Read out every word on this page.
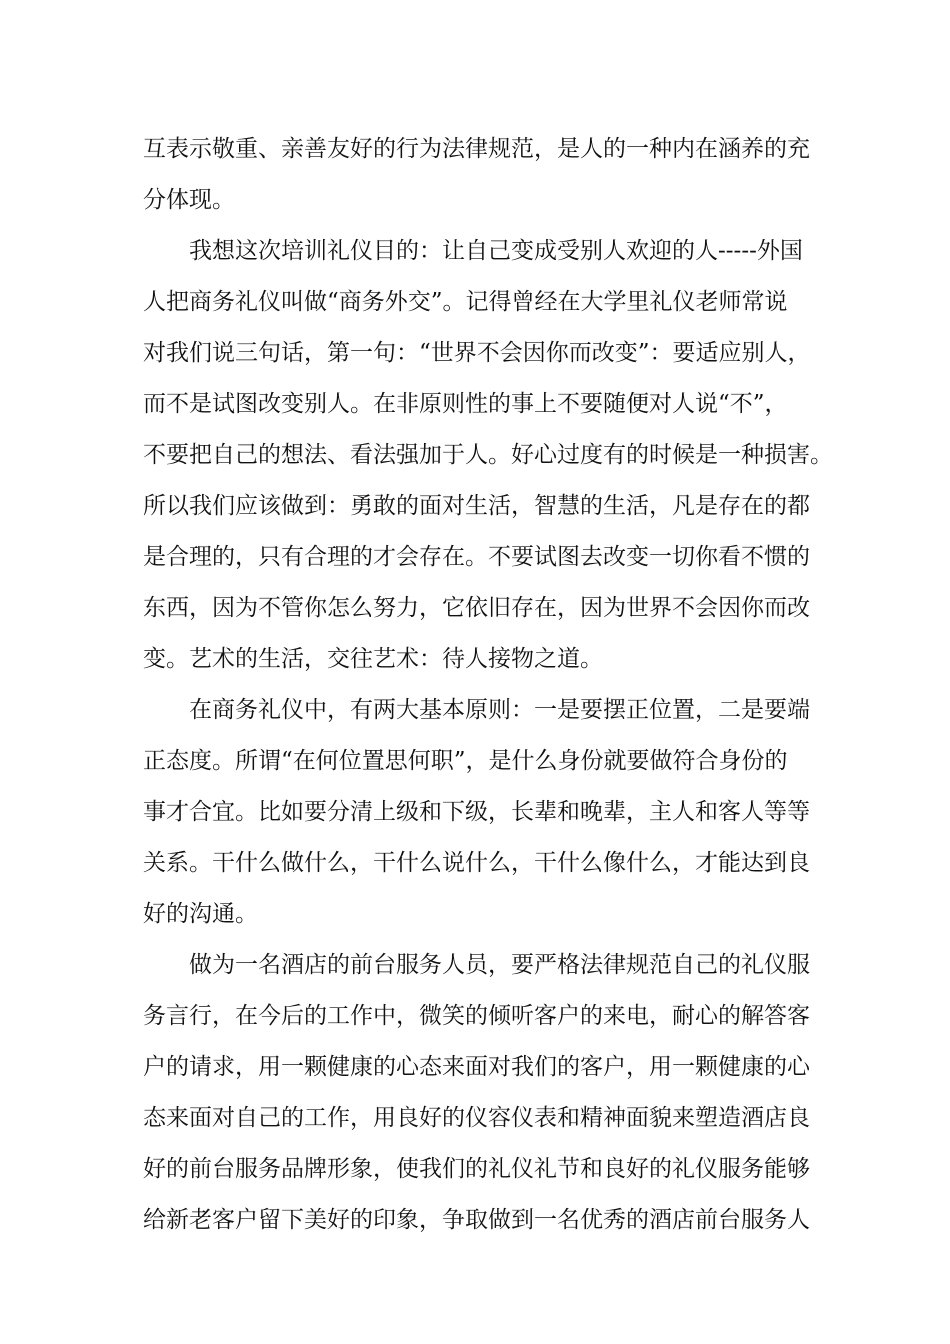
互表示敬重、亲善友好的行为法律规范，是人的一种内在涵养的充
分体现。
我想这次培训礼仪目的：让自己变成受别人欢迎的人-----外国
人把商务礼仪叫做“商务外交”。记得曾经在大学里礼仪老师常说
对我们说三句话，第一句：“世界不会因你而改变”：要适应别人，
而不是试图改变别人。在非原则性的事上不要随便对人说“不”，
不要把自己的想法、看法强加于人。好心过度有的时候是一种损害。
所以我们应该做到：勇敢的面对生活，智慧的生活，凡是存在的都
是合理的，只有合理的才会存在。不要试图去改变一切你看不惯的
东西，因为不管你怎么努力，它依旧存在，因为世界不会因你而改
变。艺术的生活，交往艺术：待人接物之道。
在商务礼仪中，有两大基本原则：一是要摆正位置，二是要端
正态度。所谓“在何位置思何职”，是什么身份就要做符合身份的
事才合宜。比如要分清上级和下级，长辈和晚辈，主人和客人等等
关系。干什么做什么，干什么说什么，干什么像什么，才能达到良
好的沟通。
做为一名酒店的前台服务人员，要严格法律规范自己的礼仪服
务言行，在今后的工作中，微笑的倾听客户的来电，耐心的解答客
户的请求，用一颗健康的心态来面对我们的客户，用一颗健康的心
态来面对自己的工作，用良好的仪容仪表和精神面貌来塑造酒店良
好的前台服务品牌形象，使我们的礼仪礼节和良好的礼仪服务能够
给新老客户留下美好的印象，争取做到一名优秀的酒店前台服务人
